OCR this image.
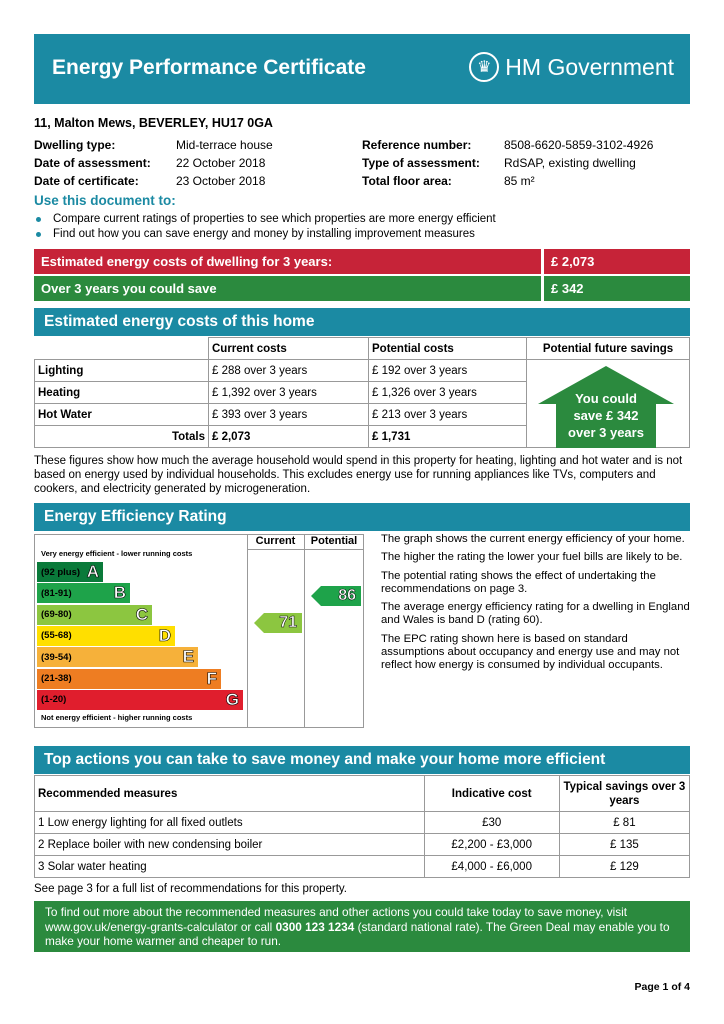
Energy Performance Certificate	♛ HM Government
11, Malton Mews, BEVERLEY, HU17 0GA
Dwelling type:	Mid-terrace house
Date of assessment:	22 October 2018
Date of certificate:	23 October 2018
Reference number:	8508-6620-5859-3102-4926
Type of assessment:	RdSAP, existing dwelling
Total floor area:	85 m²
Use this document to:
Compare current ratings of properties to see which properties are more energy efficient
Find out how you can save energy and money by installing improvement measures
Estimated energy costs of dwelling for 3 years:	£ 2,073
Over 3 years you could save	£ 342
Estimated energy costs of this home
	Current costs	Potential costs	Potential future savings
Lighting	£ 288 over 3 years	£ 192 over 3 years	You could
save £ 342
over 3 years

Heating	£ 1,392 over 3 years	£ 1,326 over 3 years	
Hot Water	£ 393 over 3 years	£ 213 over 3 years	
Totals	£ 2,073	£ 1,731	
These figures show how much the average household would spend in this property for heating, lighting and hot water and is not based on energy used by individual households. This excludes energy use for running appliances like TVs, computers and cookers, and electricity generated by microgeneration.
Energy Efficiency Rating
Current	Potential
Very energy efficient - lower running costs
(92 plus) A
(81-91) B
(69-80)	C
(55-68)	D
(39-54)	E
(21-38)	F
(1-20)	G
Not energy efficient - higher running costs
71
86

The graph shows the current energy efficiency of your home.

The higher the rating the lower your fuel bills are likely to be.

The potential rating shows the effect of undertaking the recommendations on page 3.

The average energy efficiency rating for a dwelling in England and Wales is band D (rating 60).

The EPC rating shown here is based on standard assumptions about occupancy and energy use and may not reflect how energy is consumed by individual occupants.

Top actions you can take to save money and make your home more efficient
Recommended measures	Indicative cost	Typical savings over 3 years
1 Low energy lighting for all fixed outlets	£30	£ 81
2 Replace boiler with new condensing boiler	£2,200 - £3,000	£ 135
3 Solar water heating	£4,000 - £6,000	£ 129
See page 3 for a full list of recommendations for this property.
To find out more about the recommended measures and other actions you could take today to save money, visit www.gov.uk/energy-grants-calculator or call 0300 123 1234 (standard national rate). The Green Deal may enable you to make your home warmer and cheaper to run.
Page 1 of 4
